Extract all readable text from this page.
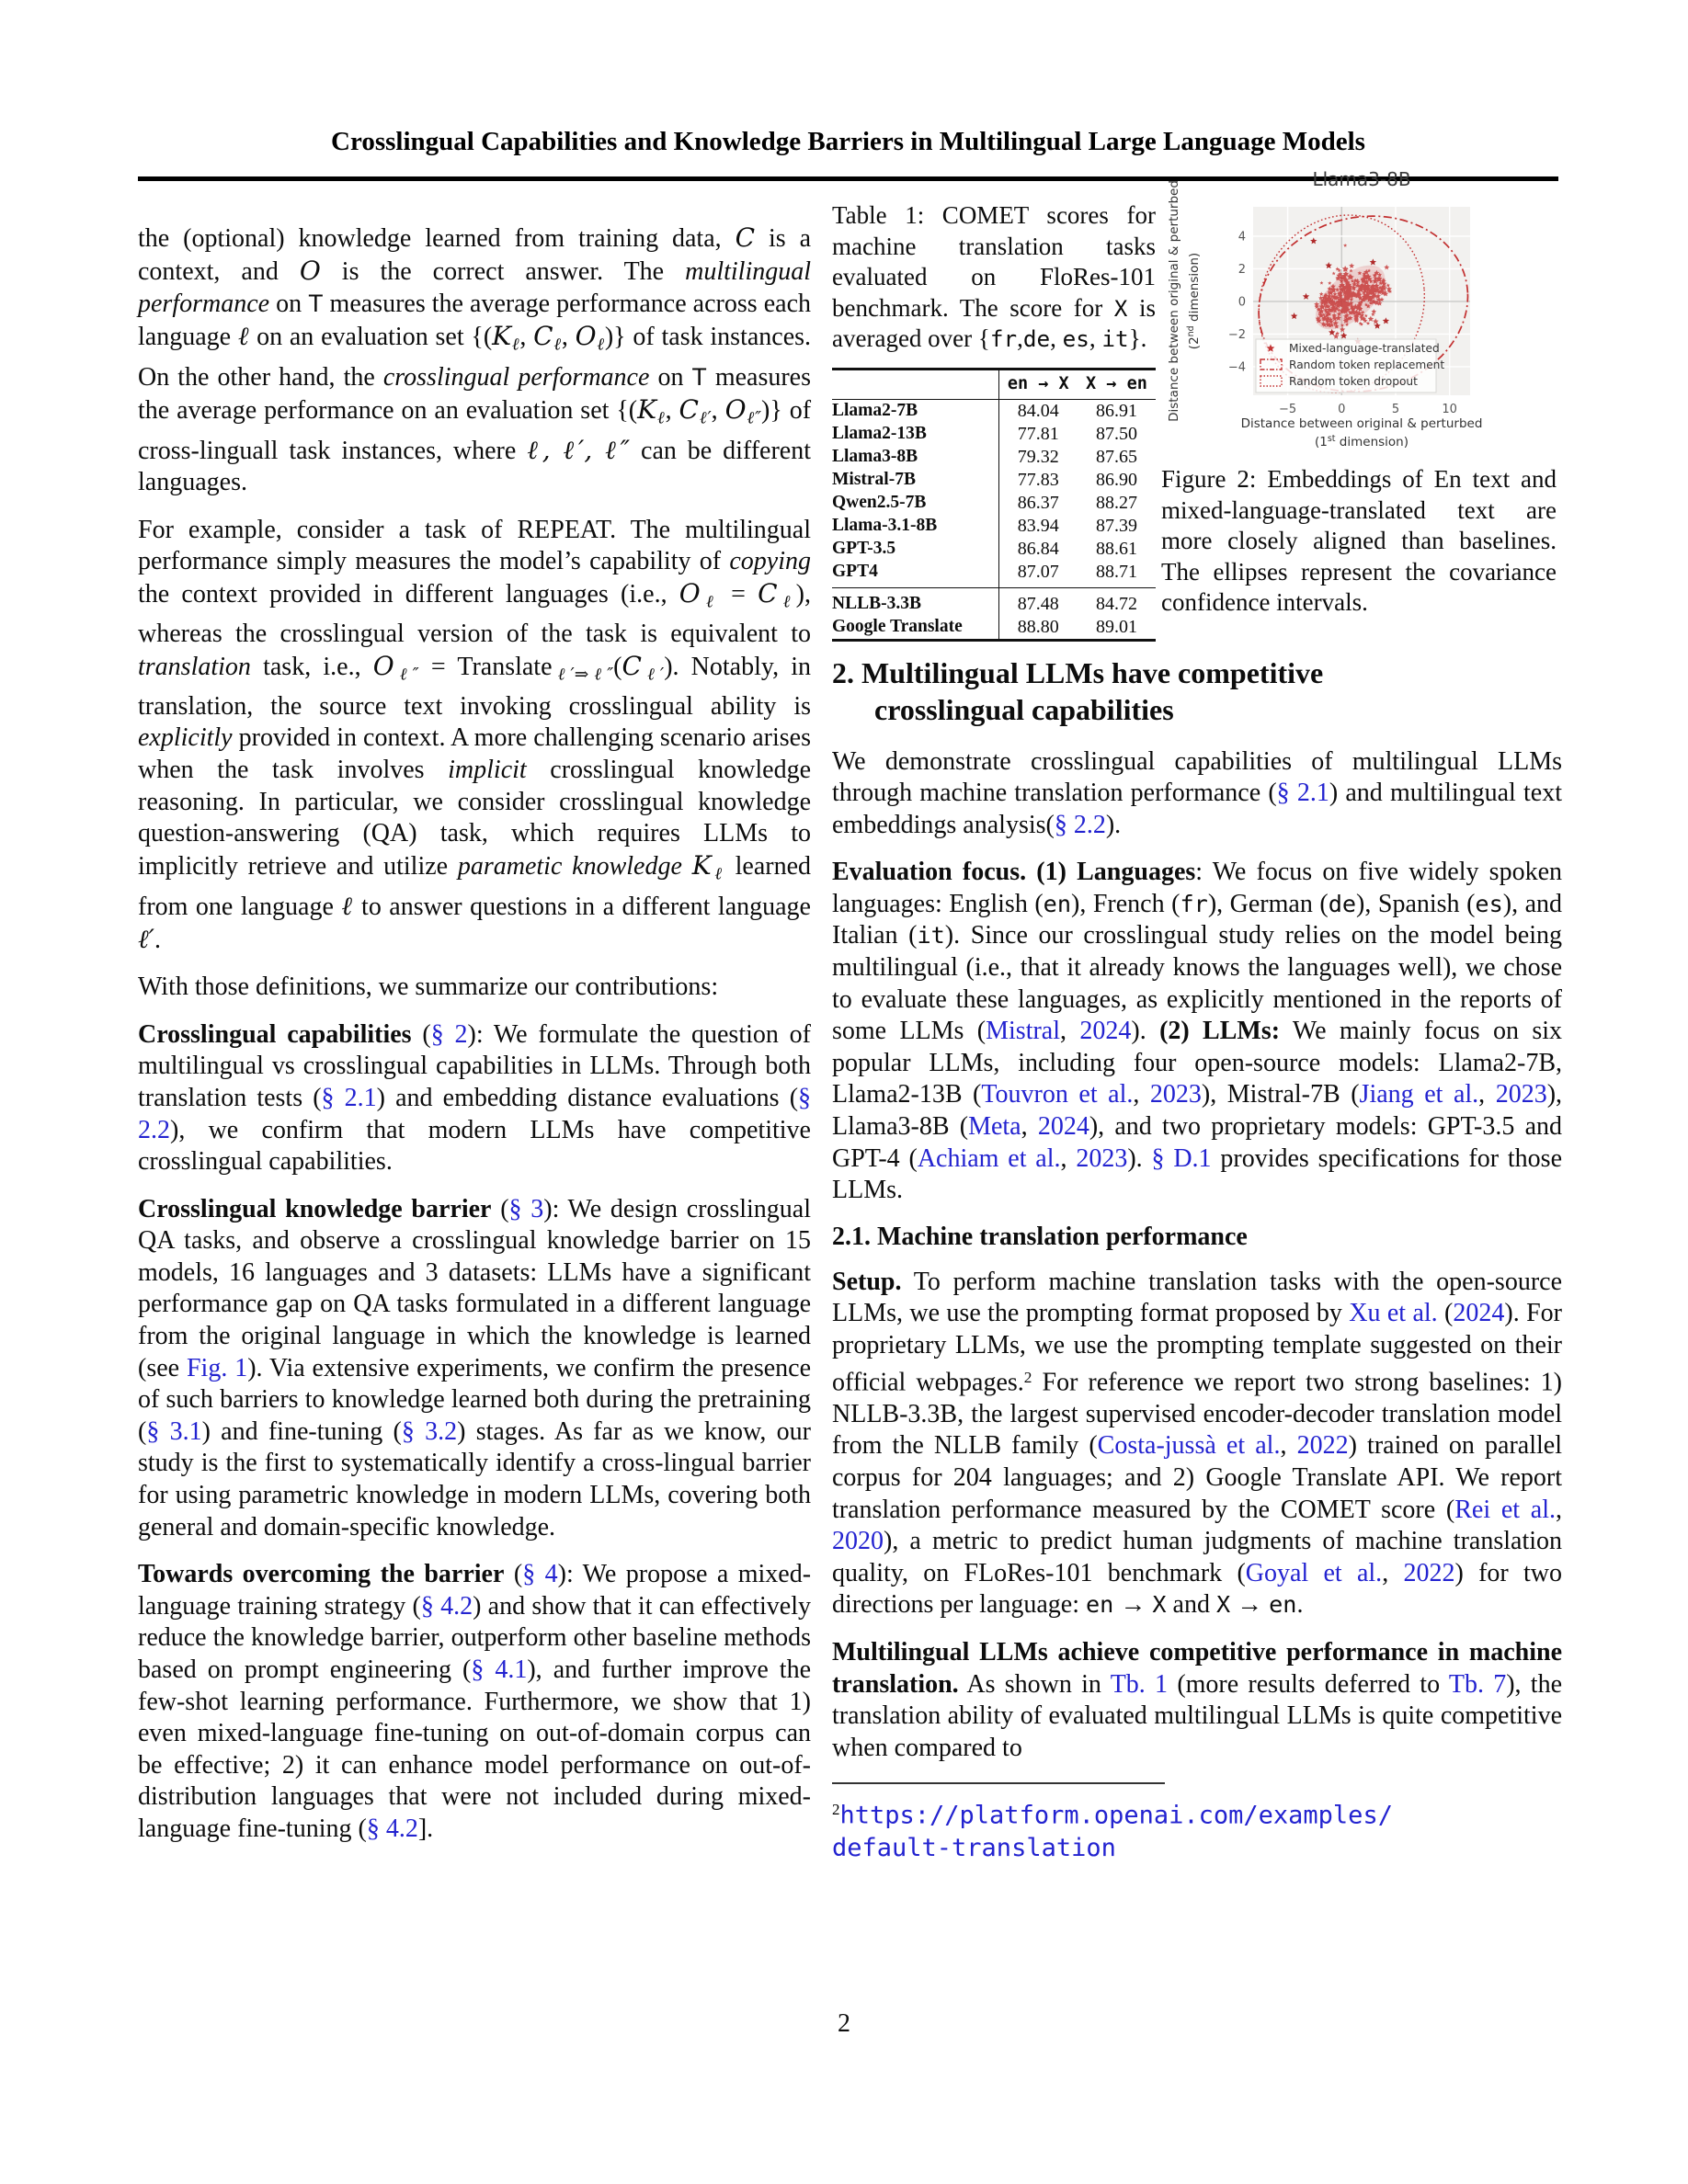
Crosslingual Capabilities and Knowledge Barriers in Multilingual Large Language Models

the (optional) knowledge learned from training data, C is a context, and O is the correct answer. The multilingual performance on T measures the average performance across each language ℓ on an evaluation set {($K_\ell$, $C_\ell$, $O_\ell$)} of task instances. On the other hand, the crosslingual performance on T measures the average performance on an evaluation set {($K_\ell$, $C_{\ell'}$, $O_{\ell''}$)} of cross-linguall task instances, where ℓ, ℓ′, ℓ″ can be different languages.

For example, consider a task of REPEAT. The multilingual performance simply measures the model’s capability of copying the context provided in different languages (i.e., $O_\ell = C_\ell$), whereas the crosslingual version of the task is equivalent to translation task, i.e., $O_{\ell''}$ = $Translate_{\ell'\Rightarrow\ell''}(C_{\ell'})$. Notably, in translation, the source text invoking crosslingual ability is explicitly provided in context. A more challenging scenario arises when the task involves implicit crosslingual knowledge reasoning. In particular, we consider crosslingual knowledge question-answering (QA) task, which requires LLMs to implicitly retrieve and utilize parametic knowledge $K_\ell$ learned from one language ℓ to answer questions in a different language ℓ′.

With those definitions, we summarize our contributions:

Crosslingual capabilities (§ 2): We formulate the question of multilingual vs crosslingual capabilities in LLMs. Through both translation tests (§ 2.1) and embedding distance evaluations (§ 2.2), we confirm that modern LLMs have competitive crosslingual capabilities.

Crosslingual knowledge barrier (§ 3): We design crosslingual QA tasks, and observe a crosslingual knowledge barrier on 15 models, 16 languages and 3 datasets: LLMs have a significant performance gap on QA tasks formulated in a different language from the original language in which the knowledge is learned (see Fig. 1). Via extensive experiments, we confirm the presence of such barriers to knowledge learned both during the pretraining (§ 3.1) and fine-tuning (§ 3.2) stages. As far as we know, our study is the first to systematically identify a cross-lingual barrier for using parametric knowledge in modern LLMs, covering both general and domain-specific knowledge.

Towards overcoming the barrier (§ 4): We propose a mixed-language training strategy (§ 4.2) and show that it can effectively reduce the knowledge barrier, outperform other baseline methods based on prompt engineering (§ 4.1), and further improve the few-shot learning performance. Furthermore, we show that 1) even mixed-language fine-tuning on out-of-domain corpus can be effective; 2) it can enhance model performance on out-of-distribution languages that were not included during mixed-language fine-tuning (§ 4.2].

Table 1: COMET scores for machine translation tasks evaluated on FloRes-101 benchmark. The score for X is averaged over {fr,de, es, it}.

	en → X	X → en
Llama2-7B	84.04	86.91
Llama2-13B	77.81	87.50
Llama3-8B	79.32	87.65
Mistral-7B	77.83	86.90
Qwen2.5-7B	86.37	88.27
Llama-3.1-8B	83.94	87.39
GPT-3.5	86.84	88.61
GPT4	87.07	88.71
NLLB-3.3B	87.48	84.72
Google Translate	88.80	89.01
−5	0	5	10
−4
−2
0
2
4
Llama3-8B
Distance between original & perturbed
(1st dimension)
Distance between original & perturbed (2nd dimension)
Mixed-language-translated
Random token replacement
Random token dropout

Figure 2: Embeddings of En text and mixed-language-translated text are more closely aligned than baselines. The ellipses represent the covariance confidence intervals.

2. Multilingual LLMs have competitive
crosslingual capabilities

We demonstrate crosslingual capabilities of multilingual LLMs through machine translation performance (§ 2.1) and multilingual text embeddings analysis(§ 2.2).

Evaluation focus. (1) Languages: We focus on five widely spoken languages: English (en), French (fr), German (de), Spanish (es), and Italian (it). Since our crosslingual study relies on the model being multilingual (i.e., that it already knows the languages well), we chose to evaluate these languages, as explicitly mentioned in the reports of some LLMs (Mistral, 2024). (2) LLMs: We mainly focus on six popular LLMs, including four open-source models: Llama2-7B, Llama2-13B (Touvron et al., 2023), Mistral-7B (Jiang et al., 2023), Llama3-8B (Meta, 2024), and two proprietary models: GPT-3.5 and GPT-4 (Achiam et al., 2023). § D.1 provides specifications for those LLMs.

2.1. Machine translation performance

Setup. To perform machine translation tasks with the open-source LLMs, we use the prompting format proposed by Xu et al. (2024). For proprietary LLMs, we use the prompting template suggested on their official webpages.$^2$ For reference we report two strong baselines: 1) NLLB-3.3B, the largest supervised encoder-decoder translation model from the NLLB family (Costa-jussà et al., 2022) trained on parallel corpus for 204 languages; and 2) Google Translate API. We report translation performance measured by the COMET score (Rei et al., 2020), a metric to predict human judgments of machine translation quality, on FLoRes-101 benchmark (Goyal et al., 2022) for two directions per language: en → X and X → en.

Multilingual LLMs achieve competitive performance in machine translation. As shown in Tb. 1 (more results deferred to Tb. 7), the translation ability of evaluated multilingual LLMs is quite competitive when compared to

$^2$https://platform.openai.com/examples/
default-translation

2
